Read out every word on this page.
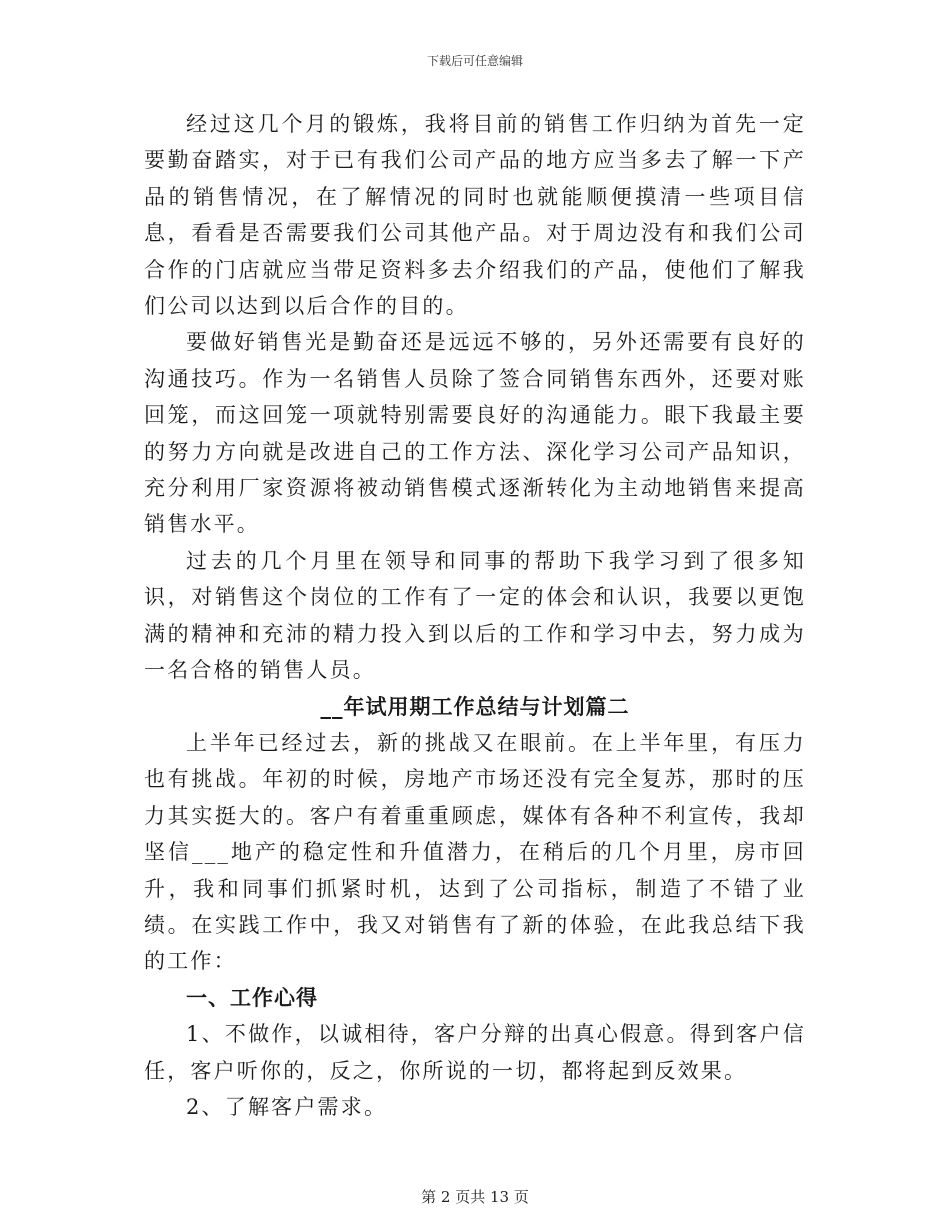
下载后可任意编辑

经过这几个月的锻炼，我将目前的销售工作归纳为首先一定要勤奋踏实，对于已有我们公司产品的地方应当多去了解一下产品的销售情况，在了解情况的同时也就能顺便摸清一些项目信息，看看是否需要我们公司其他产品。对于周边没有和我们公司合作的门店就应当带足资料多去介绍我们的产品，使他们了解我们公司以达到以后合作的目的。

要做好销售光是勤奋还是远远不够的，另外还需要有良好的沟通技巧。作为一名销售人员除了签合同销售东西外，还要对账回笼，而这回笼一项就特别需要良好的沟通能力。眼下我最主要的努力方向就是改进自己的工作方法、深化学习公司产品知识，充分利用厂家资源将被动销售模式逐渐转化为主动地销售来提高销售水平。

过去的几个月里在领导和同事的帮助下我学习到了很多知识，对销售这个岗位的工作有了一定的体会和认识，我要以更饱满的精神和充沛的精力投入到以后的工作和学习中去，努力成为一名合格的销售人员。

__年试用期工作总结与计划篇二

上半年已经过去，新的挑战又在眼前。在上半年里，有压力也有挑战。年初的时候，房地产市场还没有完全复苏，那时的压力其实挺大的。客户有着重重顾虑，媒体有各种不利宣传，我却坚信___地产的稳定性和升值潜力，在稍后的几个月里，房市回升，我和同事们抓紧时机，达到了公司指标，制造了不错了业绩。在实践工作中，我又对销售有了新的体验，在此我总结下我的工作：

一、工作心得

1、不做作，以诚相待，客户分辩的出真心假意。得到客户信任，客户听你的，反之，你所说的一切，都将起到反效果。

2、了解客户需求。

第 2 页共 13 页
